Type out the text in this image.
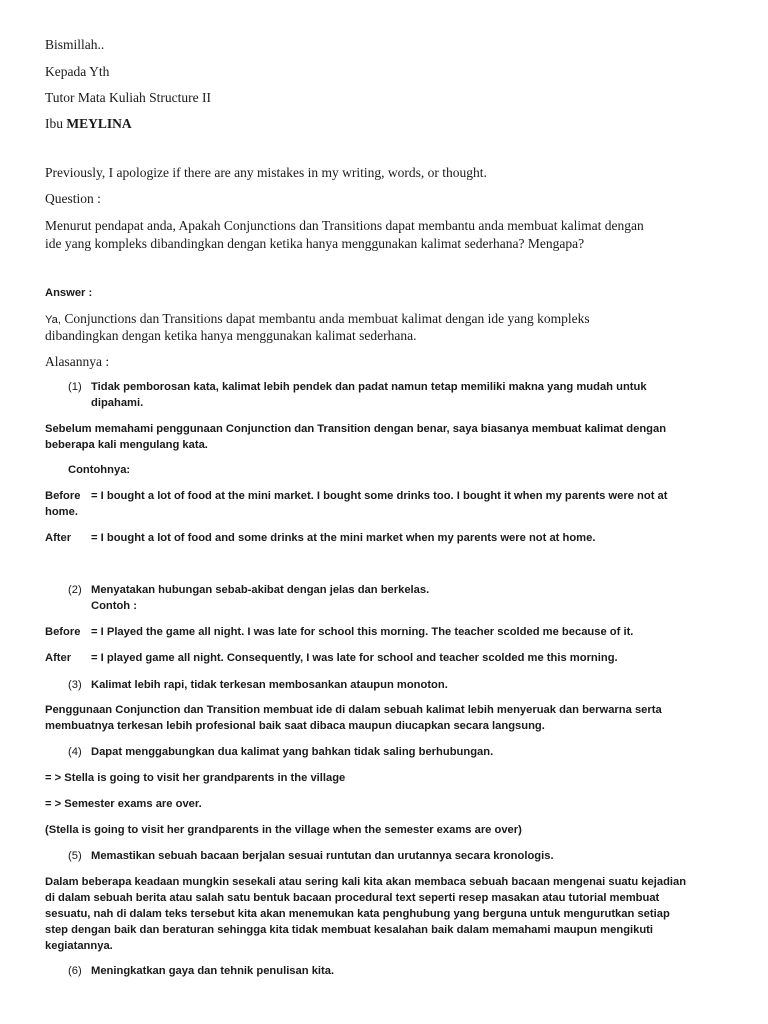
Bismillah..
Kepada Yth
Tutor Mata Kuliah Structure II
Ibu MEYLINA
Previously, I apologize if there are any mistakes in my writing, words, or thought.
Question :
Menurut pendapat anda, Apakah Conjunctions dan Transitions dapat membantu anda membuat kalimat dengan
ide yang kompleks dibandingkan dengan ketika hanya menggunakan kalimat sederhana? Mengapa?
Answer :
Ya, Conjunctions dan Transitions dapat membantu anda membuat kalimat dengan ide yang kompleks
dibandingkan dengan ketika hanya menggunakan kalimat sederhana.
Alasannya :
(1) Tidak pemborosan kata, kalimat lebih pendek dan padat namun tetap memiliki makna yang mudah untuk
dipahami.
Sebelum memahami penggunaan Conjunction dan Transition dengan benar, saya biasanya membuat kalimat dengan
beberapa kali mengulang kata.
Contohnya:
Before = I bought a lot of food at the mini market. I bought some drinks too. I bought it when my parents were not at
home.
After = I bought a lot of food and some drinks at the mini market when my parents were not at home.
(2) Menyatakan hubungan sebab-akibat dengan jelas dan berkelas.
Contoh :
Before = I Played the game all night. I was late for school this morning. The teacher scolded me because of it.
After = I played game all night. Consequently, I was late for school and teacher scolded me this morning.
(3) Kalimat lebih rapi, tidak terkesan membosankan ataupun monoton.
Penggunaan Conjunction dan Transition membuat ide di dalam sebuah kalimat lebih menyeruak dan berwarna serta
membuatnya terkesan lebih profesional baik saat dibaca maupun diucapkan secara langsung.
(4) Dapat menggabungkan dua kalimat yang bahkan tidak saling berhubungan.
= > Stella is going to visit her grandparents in the village
= > Semester exams are over.
(Stella is going to visit her grandparents in the village when the semester exams are over)
(5) Memastikan sebuah bacaan berjalan sesuai runtutan dan urutannya secara kronologis.
Dalam beberapa keadaan mungkin sesekali atau sering kali kita akan membaca sebuah bacaan mengenai suatu kejadian
di dalam sebuah berita atau salah satu bentuk bacaan procedural text seperti resep masakan atau tutorial membuat
sesuatu, nah di dalam teks tersebut kita akan menemukan kata penghubung yang berguna untuk mengurutkan setiap
step dengan baik dan beraturan sehingga kita tidak membuat kesalahan baik dalam memahami maupun mengikuti
kegiatannya.
(6) Meningkatkan gaya dan tehnik penulisan kita.
